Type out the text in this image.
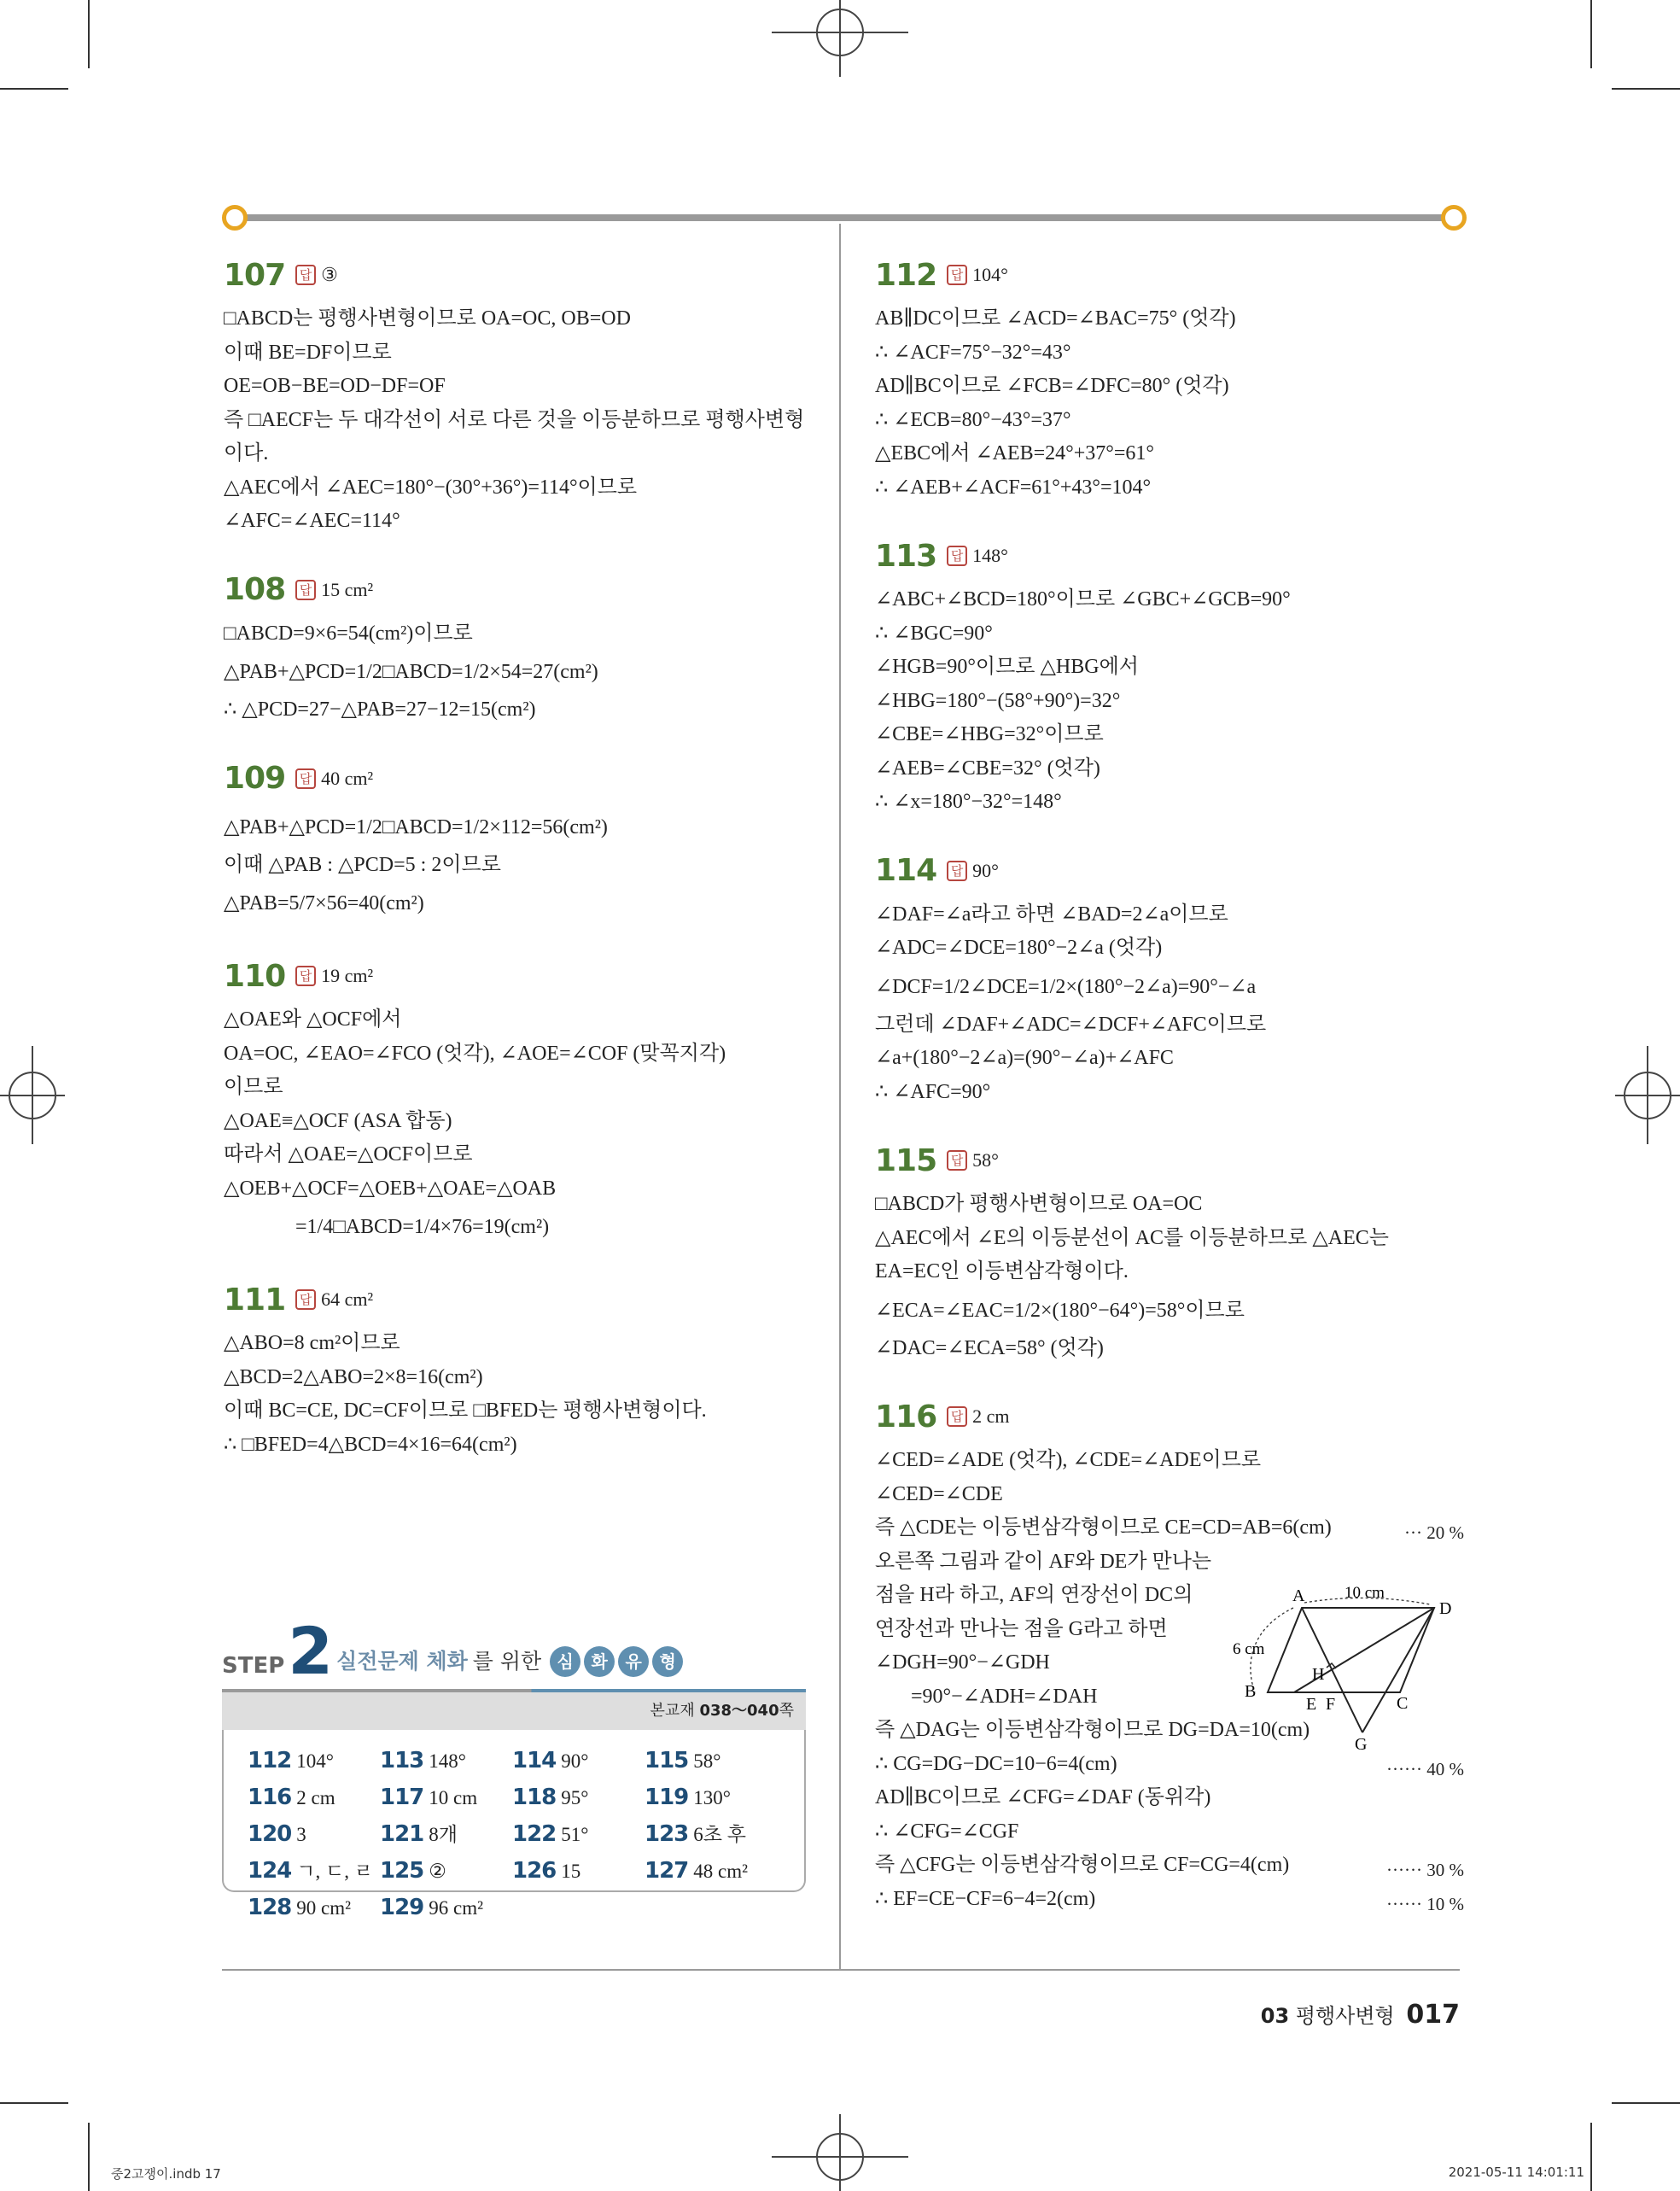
107	답 ③
□ABCD는 평행사변형이므로 OA=OC, OB=OD
이때 BE=DF이므로
OE=OB−BE=OD−DF=OF
즉 □AECF는 두 대각선이 서로 다른 것을 이등분하므로 평행사변형
이다.
△AEC에서 ∠AEC=180°−(30°+36°)=114°이므로
∠AFC=∠AEC=114°
108	답 15 cm²
□ABCD=9×6=54(cm²)이므로
△PAB+△PCD=1/2□ABCD=1/2×54=27(cm²)
∴ △PCD=27−△PAB=27−12=15(cm²)
109	답 40 cm²
△PAB+△PCD=1/2□ABCD=1/2×112=56(cm²)
이때 △PAB : △PCD=5 : 2이므로
△PAB=5/7×56=40(cm²)
110	답 19 cm²
△OAE와 △OCF에서
OA=OC, ∠EAO=∠FCO (엇각), ∠AOE=∠COF (맞꼭지각)
이므로
△OAE≡△OCF (ASA 합동)
따라서 △OAE=△OCF이므로
△OEB+△OCF=△OEB+△OAE=△OAB
=1/4□ABCD=1/4×76=19(cm²)
111	답 64 cm²
△ABO=8 cm²이므로
△BCD=2△ABO=2×8=16(cm²)
이때 BC=CE, DC=CF이므로 □BFED는 평행사변형이다.
∴ □BFED=4△BCD=4×16=64(cm²)
112	답 104°
AB∥DC이므로 ∠ACD=∠BAC=75° (엇각)
∴ ∠ACF=75°−32°=43°
AD∥BC이므로 ∠FCB=∠DFC=80° (엇각)
∴ ∠ECB=80°−43°=37°
△EBC에서 ∠AEB=24°+37°=61°
∴ ∠AEB+∠ACF=61°+43°=104°
113	답 148°
∠ABC+∠BCD=180°이므로 ∠GBC+∠GCB=90°
∴ ∠BGC=90°
∠HGB=90°이므로 △HBG에서
∠HBG=180°−(58°+90°)=32°
∠CBE=∠HBG=32°이므로
∠AEB=∠CBE=32° (엇각)
∴ ∠x=180°−32°=148°
114	답 90°
∠DAF=∠a라고 하면 ∠BAD=2∠a이므로
∠ADC=∠DCE=180°−2∠a (엇각)
∠DCF=1/2∠DCE=1/2×(180°−2∠a)=90°−∠a
그런데 ∠DAF+∠ADC=∠DCF+∠AFC이므로
∠a+(180°−2∠a)=(90°−∠a)+∠AFC
∴ ∠AFC=90°
115	답 58°
□ABCD가 평행사변형이므로 OA=OC
△AEC에서 ∠E의 이등분선이 AC를 이등분하므로 △AEC는
EA=EC인 이등변삼각형이다.
∠ECA=∠EAC=1/2×(180°−64°)=58°이므로
∠DAC=∠ECA=58° (엇각)
116	답 2 cm
∠CED=∠ADE (엇각), ∠CDE=∠ADE이므로
∠CED=∠CDE
즉 △CDE는 이등변삼각형이므로 CE=CD=AB=6(cm)	··· 20 %
오른쪽 그림과 같이 AF와 DE가 만나는
점을 H라 하고, AF의 연장선이 DC의
연장선과 만나는 점을 G라고 하면
∠DGH=90°−∠GDH
=90°−∠ADH=∠DAH
즉 △DAG는 이등변삼각형이므로 DG=DA=10(cm)
∴ CG=DG−DC=10−6=4(cm)	······ 40 %
AD∥BC이므로 ∠CFG=∠DAF (동위각)
∴ ∠CFG=∠CGF
즉 △CFG는 이등변삼각형이므로 CF=CG=4(cm)	······ 30 %
∴ EF=CE−CF=6−4=2(cm)	······ 10 %
A
D
B
C
E F
G
H
10 cm
6 cm
STEP 2 실전문제 체화 를 위한 심	화	유	형
본교재 038～040쪽
112 104°	113 148°	114 90°	115 58°
116 2 cm	117 10 cm	118 95°	119 130°
120 3	121 8개	122 51°	123 6초 후
124 ㄱ, ㄷ, ㄹ 125 ②	126 15	127 48 cm²
128 90 cm²	129 96 cm²
03 평행사변형 017
중2고쟁이.indb 17	2021-05-11 14:01:11
